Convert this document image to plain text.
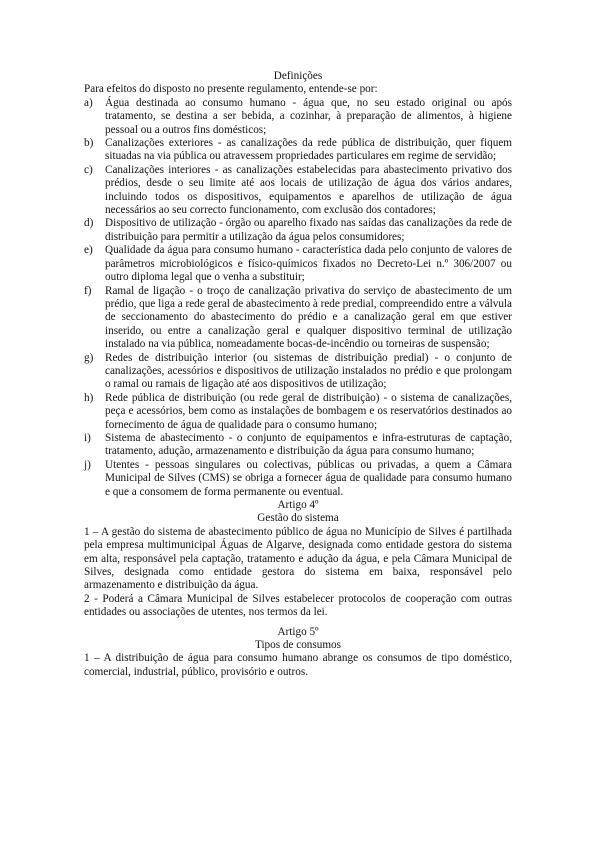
Definições
Para efeitos do disposto no presente regulamento, entende-se por:
a)	Água destinada ao consumo humano - água que, no seu estado original ou após tratamento, se destina a ser bebida, a cozinhar, à preparação de alimentos, à higiene pessoal ou a outros fins domésticos;
b)	Canalizações exteriores - as canalizações da rede pública de distribuição, quer fiquem situadas na via pública ou atravessem propriedades particulares em regime de servidão;
c)	Canalizações interiores - as canalizações estabelecidas para abastecimento privativo dos prédios, desde o seu limite até aos locais de utilização de água dos vários andares, incluindo todos os dispositivos, equipamentos e aparelhos de utilização de água necessários ao seu correcto funcionamento, com exclusão dos contadores;
d)	Dispositivo de utilização - órgão ou aparelho fixado nas saídas das canalizações da rede de distribuição para permitir a utilização da água pelos consumidores;
e)	Qualidade da água para consumo humano - característica dada pelo conjunto de valores de parâmetros microbiológicos e físico-químicos fixados no Decreto-Lei n.º 306/2007 ou outro diploma legal que o venha a substituir;
f)	Ramal de ligação - o troço de canalização privativa do serviço de abastecimento de um prédio, que liga a rede geral de abastecimento à rede predial, compreendido entre a válvula de seccionamento do abastecimento do prédio e a canalização geral em que estiver inserido, ou entre a canalização geral e qualquer dispositivo terminal de utilização instalado na via pública, nomeadamente bocas-de-incêndio ou torneiras de suspensão;
g)	Redes de distribuição interior (ou sistemas de distribuição predial) - o conjunto de canalizações, acessórios e dispositivos de utilização instalados no prédio e que prolongam o ramal ou ramais de ligação até aos dispositivos de utilização;
h)	Rede pública de distribuição (ou rede geral de distribuição) - o sistema de canalizações, peça e acessórios, bem como as instalações de bombagem e os reservatórios destinados ao fornecimento de água de qualidade para o consumo humano;
i)	Sistema de abastecimento - o conjunto de equipamentos e infra-estruturas de captação, tratamento, adução, armazenamento e distribuição da água para consumo humano;
j)	Utentes - pessoas singulares ou colectivas, públicas ou privadas, a quem a Câmara Municipal de Silves (CMS) se obriga a fornecer água de qualidade para consumo humano e que a consomem de forma permanente ou eventual.
Artigo 4º
Gestão do sistema

1 – A gestão do sistema de abastecimento público de água no Município de Silves é partilhada pela empresa multimunicipal Águas de Algarve, designada como entidade gestora do sistema em alta, responsável pela captação, tratamento e adução da água, e pela Câmara Municipal de Silves, designada como entidade gestora do sistema em baixa, responsável pelo armazenamento e distribuição da água.

2 - Poderá a Câmara Municipal de Silves estabelecer protocolos de cooperação com outras entidades ou associações de utentes, nos termos da lei.

Artigo 5º
Tipos de consumos

1 – A distribuição de água para consumo humano abrange os consumos de tipo doméstico, comercial, industrial, público, provisório e outros.
